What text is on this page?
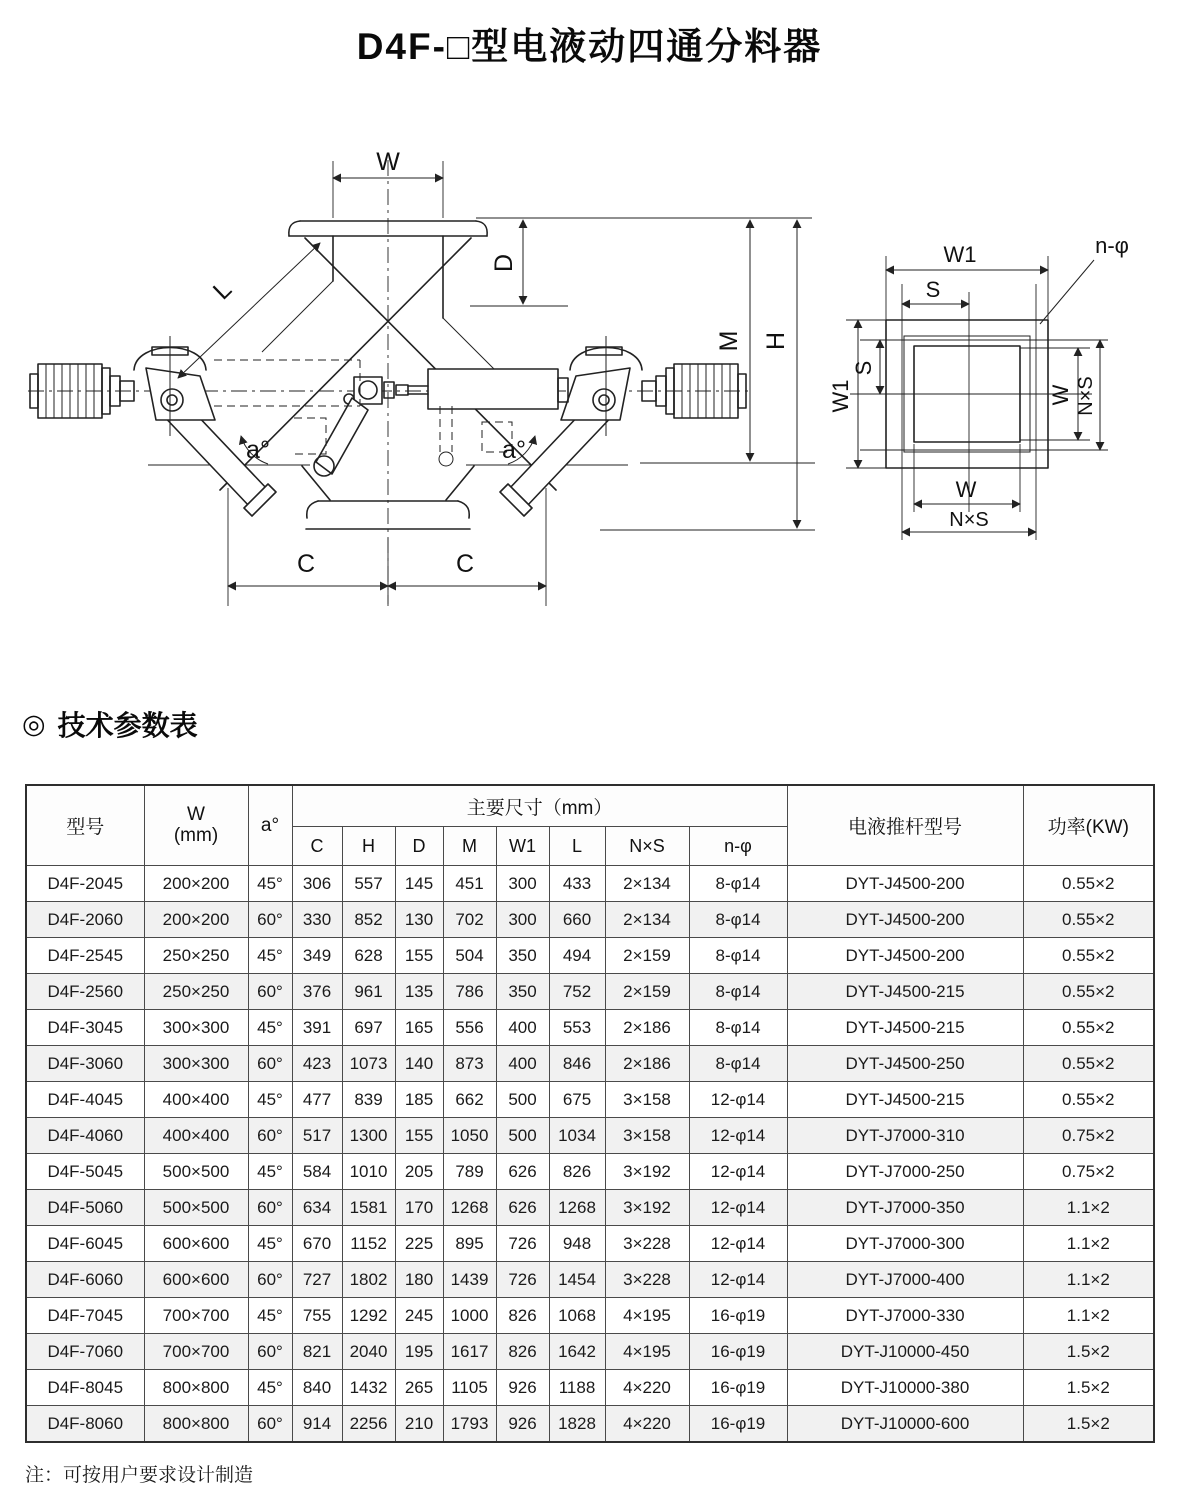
D4F-□型电液动四通分料器
a°	a°
W
D
M H
L
C	C
W1
S
n-φ
W1
S
W N×S
W
N×S
◎ 技术参数表
型号	W
(mm)	a°	主要尺寸（mm）								电液推杆型号	功率(KW)
			C	H	D	M	W1	L	N×S	n-φ		
D4F-2045	200×200	45°	306	557	145	451	300	433	2×134	8-φ14	DYT-J4500-200	0.55×2
D4F-2060	200×200	60°	330	852	130	702	300	660	2×134	8-φ14	DYT-J4500-200	0.55×2
D4F-2545	250×250	45°	349	628	155	504	350	494	2×159	8-φ14	DYT-J4500-200	0.55×2
D4F-2560	250×250	60°	376	961	135	786	350	752	2×159	8-φ14	DYT-J4500-215	0.55×2
D4F-3045	300×300	45°	391	697	165	556	400	553	2×186	8-φ14	DYT-J4500-215	0.55×2
D4F-3060	300×300	60°	423	1073	140	873	400	846	2×186	8-φ14	DYT-J4500-250	0.55×2
D4F-4045	400×400	45°	477	839	185	662	500	675	3×158	12-φ14	DYT-J4500-215	0.55×2
D4F-4060	400×400	60°	517	1300	155	1050	500	1034	3×158	12-φ14	DYT-J7000-310	0.75×2
D4F-5045	500×500	45°	584	1010	205	789	626	826	3×192	12-φ14	DYT-J7000-250	0.75×2
D4F-5060	500×500	60°	634	1581	170	1268	626	1268	3×192	12-φ14	DYT-J7000-350	1.1×2
D4F-6045	600×600	45°	670	1152	225	895	726	948	3×228	12-φ14	DYT-J7000-300	1.1×2
D4F-6060	600×600	60°	727	1802	180	1439	726	1454	3×228	12-φ14	DYT-J7000-400	1.1×2
D4F-7045	700×700	45°	755	1292	245	1000	826	1068	4×195	16-φ19	DYT-J7000-330	1.1×2
D4F-7060	700×700	60°	821	2040	195	1617	826	1642	4×195	16-φ19	DYT-J10000-450	1.5×2
D4F-8045	800×800	45°	840	1432	265	1105	926	1188	4×220	16-φ19	DYT-J10000-380	1.5×2
D4F-8060	800×800	60°	914	2256	210	1793	926	1828	4×220	16-φ19	DYT-J10000-600	1.5×2
注：可按用户要求设计制造
